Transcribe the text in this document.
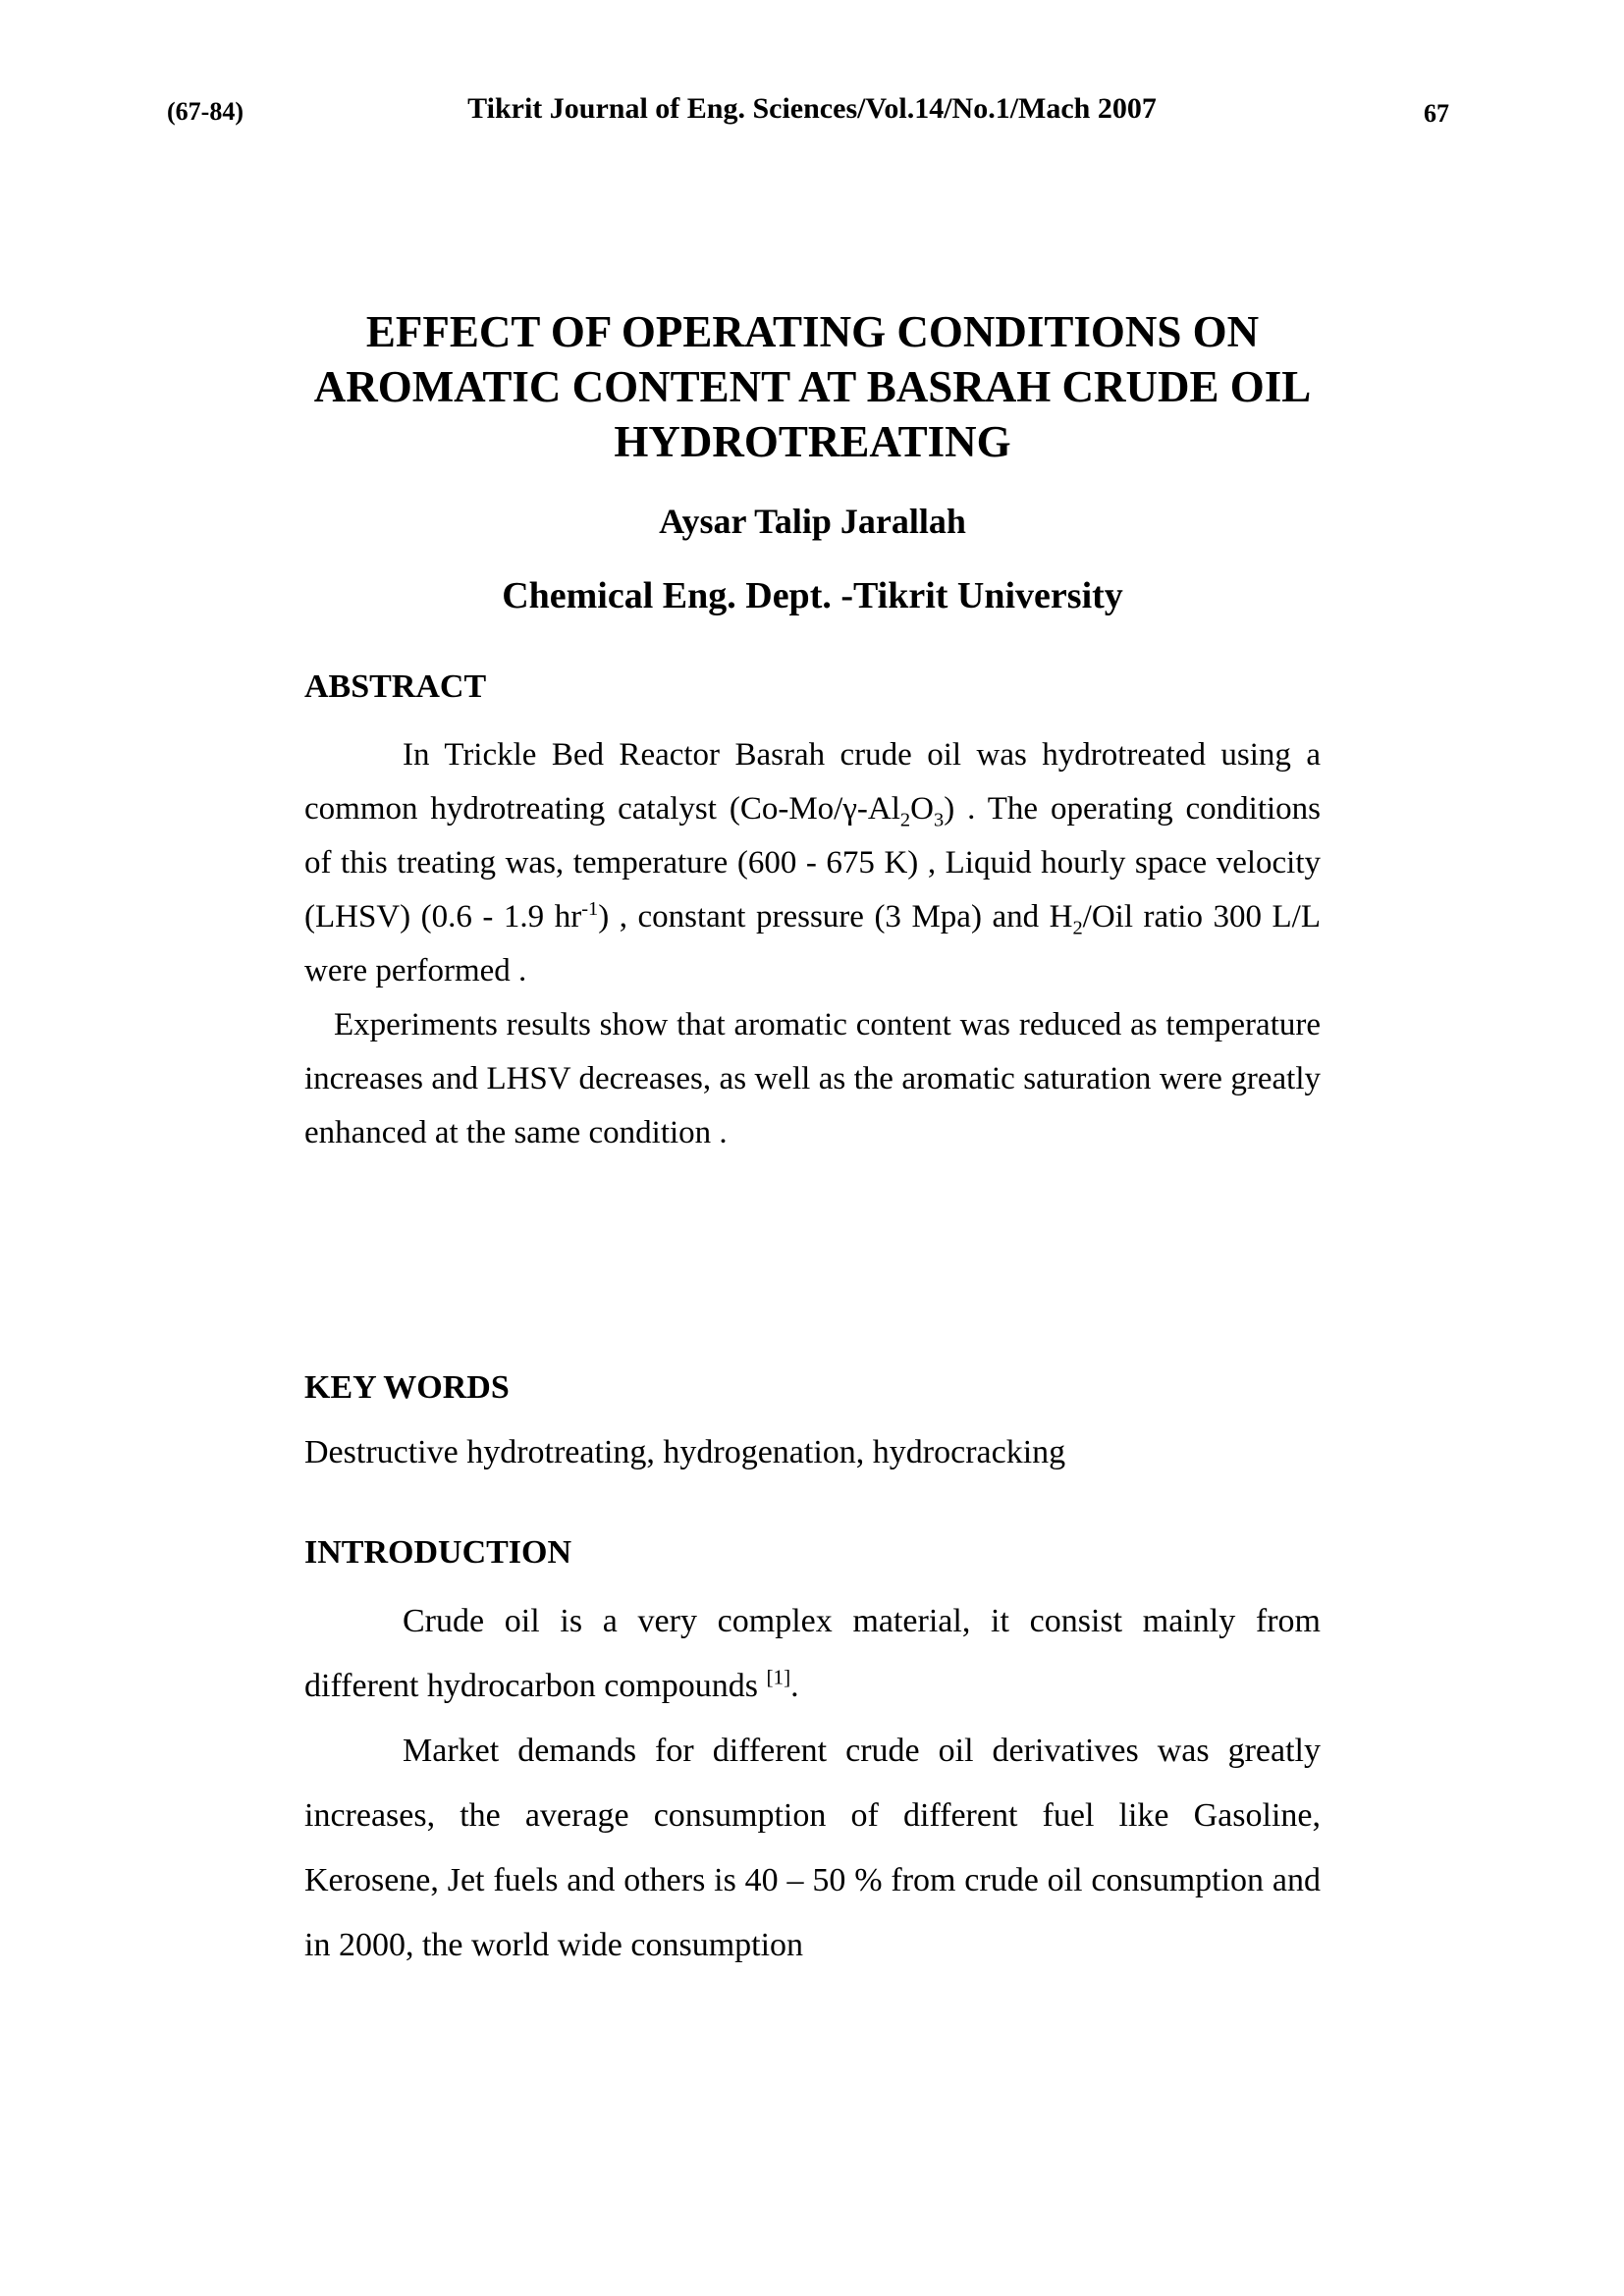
(67-84)	Tikrit Journal of Eng. Sciences/Vol.14/No.1/Mach 2007	67
EFFECT OF OPERATING CONDITIONS ON AROMATIC CONTENT AT BASRAH CRUDE OIL HYDROTREATING
Aysar Talip Jarallah
Chemical Eng. Dept. -Tikrit University
ABSTRACT

In Trickle Bed Reactor Basrah crude oil was hydrotreated using a common hydrotreating catalyst $(Co-Mo/\gamma-Al_2O_3)$ . The operating conditions of this treating was, temperature (600 - 675 K) , Liquid hourly space velocity (LHSV) (0.6 - 1.9 $hr^{-1}$) , constant pressure (3 Mpa) and $H_2$/Oil ratio 300 L/L were performed .

Experiments results show that aromatic content was reduced as temperature increases and LHSV decreases, as well as the aromatic saturation were greatly enhanced at the same condition .

KEY WORDS
Destructive hydrotreating, hydrogenation, hydrocracking
INTRODUCTION

Crude oil is a very complex material, it consist mainly from different hydrocarbon compounds [1].

Market demands for different crude oil derivatives was greatly increases, the average consumption of different fuel like Gasoline, Kerosene, Jet fuels and others is 40 – 50 % from crude oil consumption and in 2000, the world wide consumption
